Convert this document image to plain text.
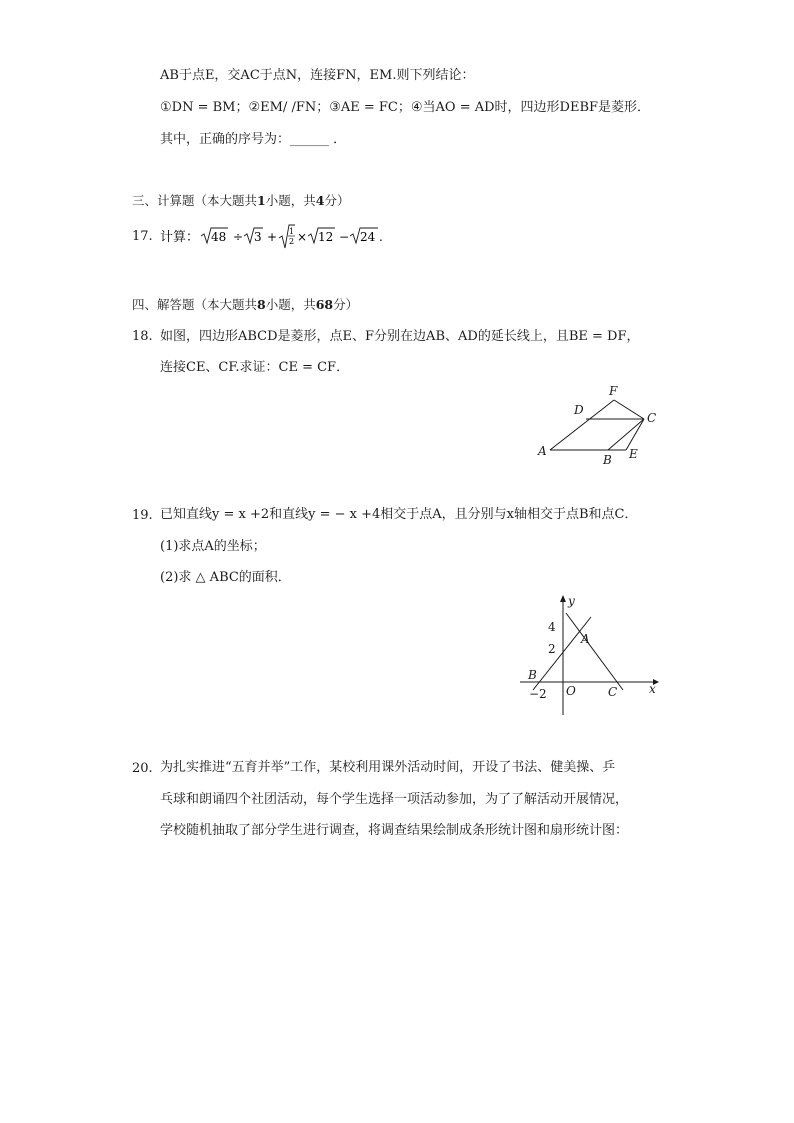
AB于点E，交AC于点N，连接FN，EM.则下列结论：
①DN = BM；②EM/ /FN；③AE = FC；④当AO = AD时，四边形DEBF是菱形．
其中，正确的序号为：______ ．
三、计算题（本大题共1小题，共4分）
17. 计算： 48 ÷ 3 + 1
2 × 12 − 24 .
四、解答题（本大题共8小题，共68分）
18. 如图，四边形ABCD是菱形，点E、F分别在边AB、AD的延长线上，且BE = DF，
连接CE、CF.求证：CE = CF．
A
B
C
D
E
F
19. 已知直线y = x +2和直线y = − x +4相交于点A，且分别与x轴相交于点B和点C．
(1)求点A的坐标；
(2)求 △ ABC的面积．
y
x
4
2
A
B
O	C
−2
20. 为扎实推进“五育并举”工作，某校利用课外活动时间，开设了书法、健美操、乒
乓球和朗诵四个社团活动，每个学生选择一项活动参加，为了了解活动开展情况，
学校随机抽取了部分学生进行调查，将调查结果绘制成条形统计图和扇形统计图：
